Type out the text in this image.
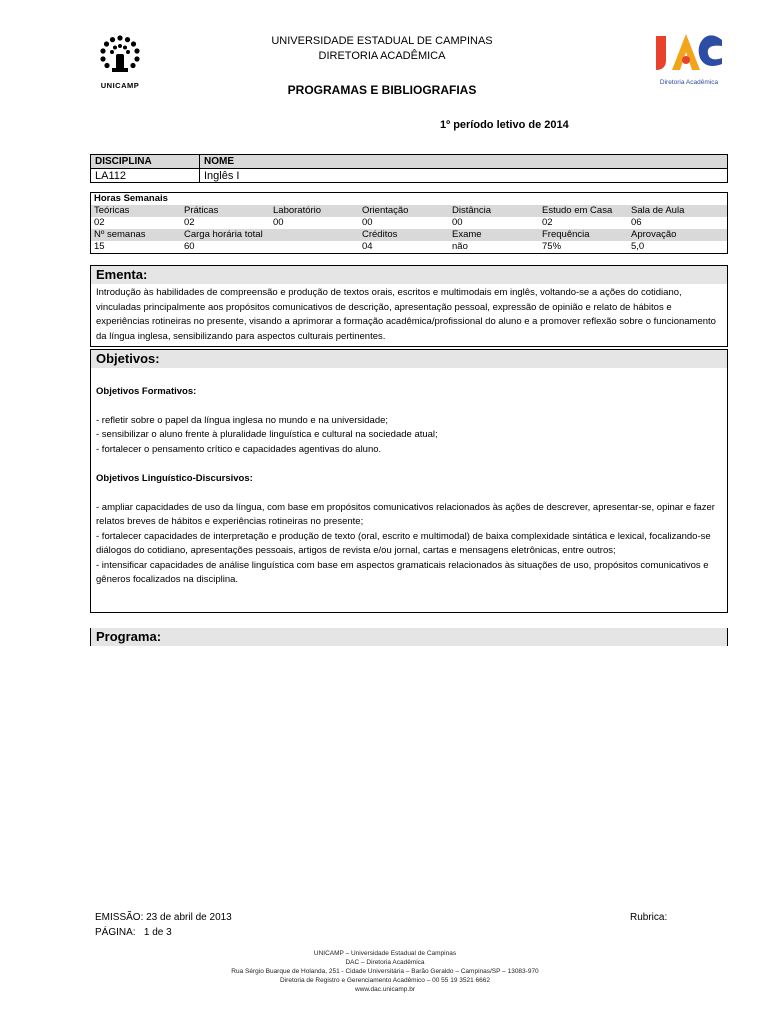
UNICAMP	Diretoria Acadêmica
UNIVERSIDADE ESTADUAL DE CAMPINAS
DIRETORIA ACADÊMICA
PROGRAMAS E BIBLIOGRAFIAS
1º período letivo de 2014
DISCIPLINA	NOME
LA112	Inglês I
Horas Semanais						
Teóricas	Práticas	Laboratório	Orientação	Distância	Estudo em Casa	Sala de Aula
02	02	00	00	00	02	06
Nº semanas	Carga horária total		Créditos	Exame	Frequência	Aprovação
15	60		04	não	75%	5,0
Ementa:
Introdução às habilidades de compreensão e produção de textos orais, escritos e multimodais em inglês, voltando-se a ações do cotidiano, vinculadas principalmente aos propósitos comunicativos de descrição, apresentação pessoal, expressão de opinião e relato de hábitos e experiências rotineiras no presente, visando a aprimorar a formação acadêmica/profissional do aluno e a promover reflexão sobre o funcionamento da língua inglesa, sensibilizando para aspectos culturais pertinentes.
Objetivos:

Objetivos Formativos:

- refletir sobre o papel da língua inglesa no mundo e na universidade;

- sensibilizar o aluno frente à pluralidade linguística e cultural na sociedade atual;

- fortalecer o pensamento crítico e capacidades agentivas do aluno.

Objetivos Linguístico-Discursivos:

- ampliar capacidades de uso da língua, com base em propósitos comunicativos relacionados às ações de descrever, apresentar-se, opinar e fazer relatos breves de hábitos e experiências rotineiras no presente;

- fortalecer capacidades de interpretação e produção de texto (oral, escrito e multimodal) de baixa complexidade sintática e lexical, focalizando-se diálogos do cotidiano, apresentações pessoais, artigos de revista e/ou jornal, cartas e mensagens eletrônicas, entre outros;

- intensificar capacidades de análise linguística com base em aspectos gramaticais relacionados às situações de uso, propósitos comunicativos e gêneros focalizados na disciplina.

Programa:
EMISSÃO: 23 de abril de 2013
PÁGINA:   1 de 3
Rubrica:
UNICAMP – Universidade Estadual de Campinas
DAC – Diretoria Acadêmica
Rua Sérgio Buarque de Holanda, 251 - Cidade Universitária – Barão Geraldo – Campinas/SP – 13083-970
Diretoria de Registro e Gerenciamento Acadêmico – 00 55 19 3521 6662
www.dac.unicamp.br
